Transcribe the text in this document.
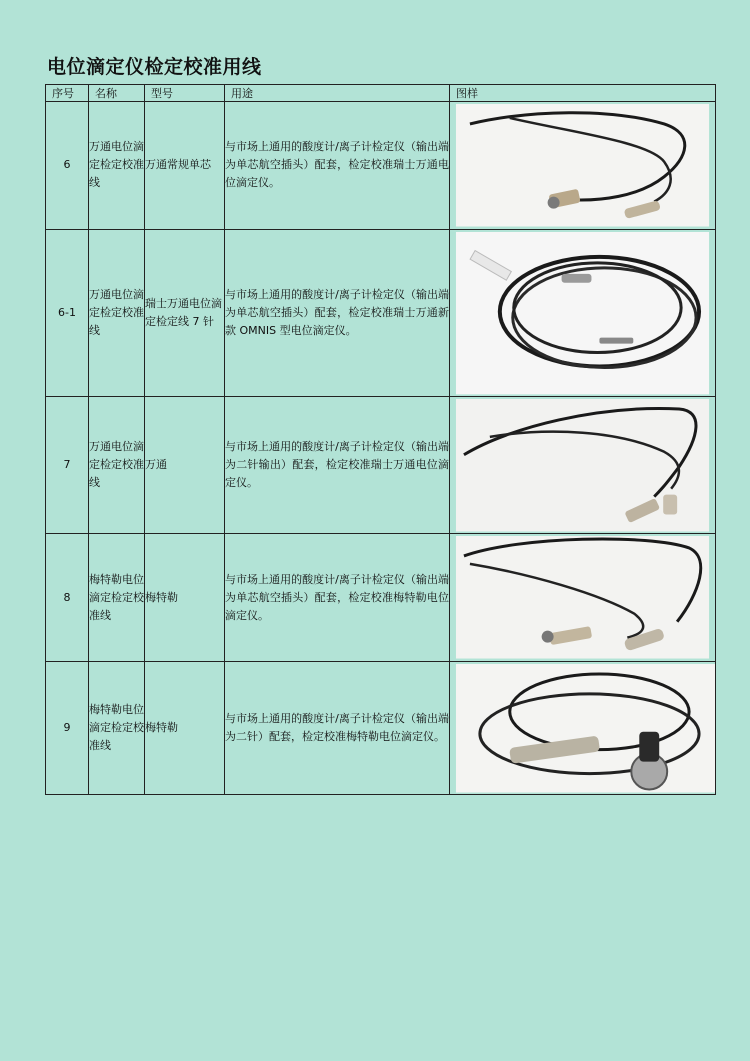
电位滴定仪检定校准用线
序号	名称	型号	用途	图样
6	万通电位滴定检定校准线	万通常规单芯	与市场上通用的酸度计/离子计检定仪（输出端为单芯航空插头）配套，检定校准瑞士万通电位滴定仪。	

6-1	万通电位滴定检定校准线	瑞士万通电位滴定检定线 7 针	与市场上通用的酸度计/离子计检定仪（输出端为单芯航空插头）配套，检定校准瑞士万通新款 OMNIS 型电位滴定仪。	

7	万通电位滴定检定校准线	万通	与市场上通用的酸度计/离子计检定仪（输出端为二针输出）配套，检定校准瑞士万通电位滴定仪。	

8	梅特勒电位滴定检定校准线	梅特勒	与市场上通用的酸度计/离子计检定仪（输出端为单芯航空插头）配套，检定校准梅特勒电位滴定仪。	

9	梅特勒电位滴定检定校准线	梅特勒	与市场上通用的酸度计/离子计检定仪（输出端为二针）配套，检定校准梅特勒电位滴定仪。	
